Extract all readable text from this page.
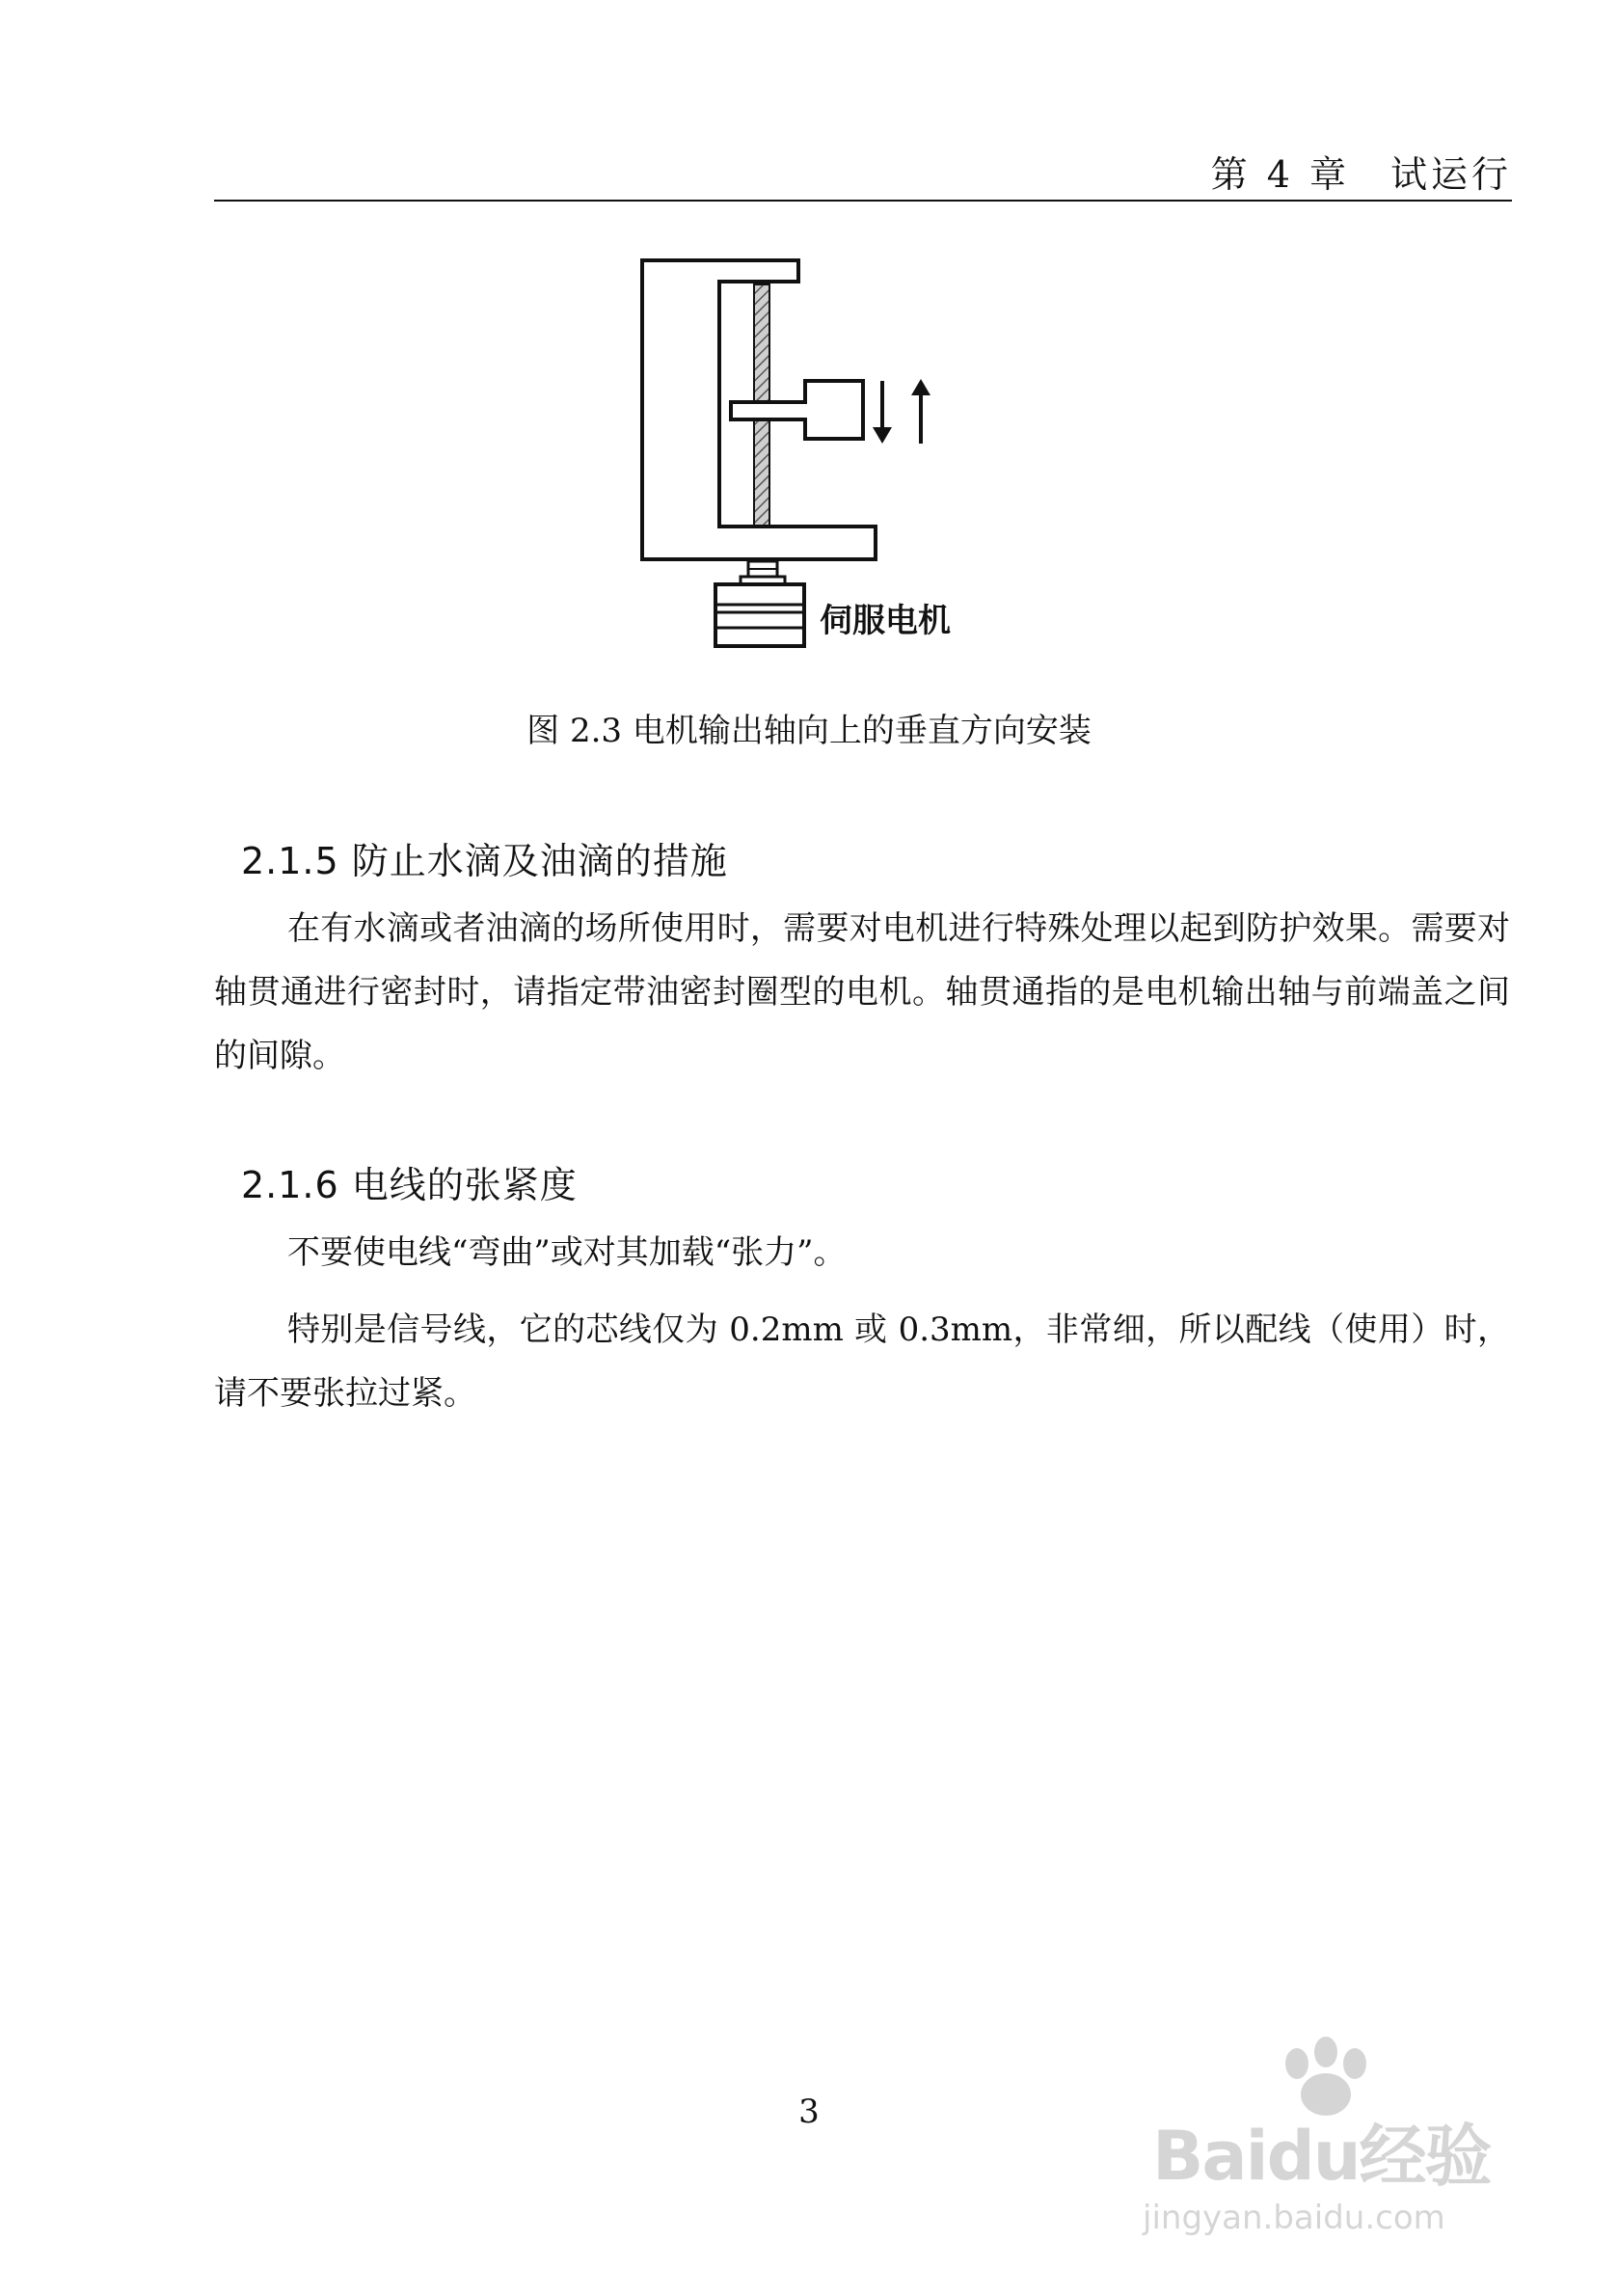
第 4 章　试运行
伺服电机
图 2.3 电机输出轴向上的垂直方向安装
2.1.5 防止水滴及油滴的措施

在有水滴或者油滴的场所使用时，需要对电机进行特殊处理以起到防护效果。需要对轴贯通进行密封时，请指定带油密封圈型的电机。轴贯通指的是电机输出轴与前端盖之间的间隙。

2.1.6 电线的张紧度

不要使电线“弯曲”或对其加载“张力”。

特别是信号线，它的芯线仅为 0.2mm 或 0.3mm，非常细，所以配线（使用）时，请不要张拉过紧。

3
Baidu经验
jingyan.baidu.com
